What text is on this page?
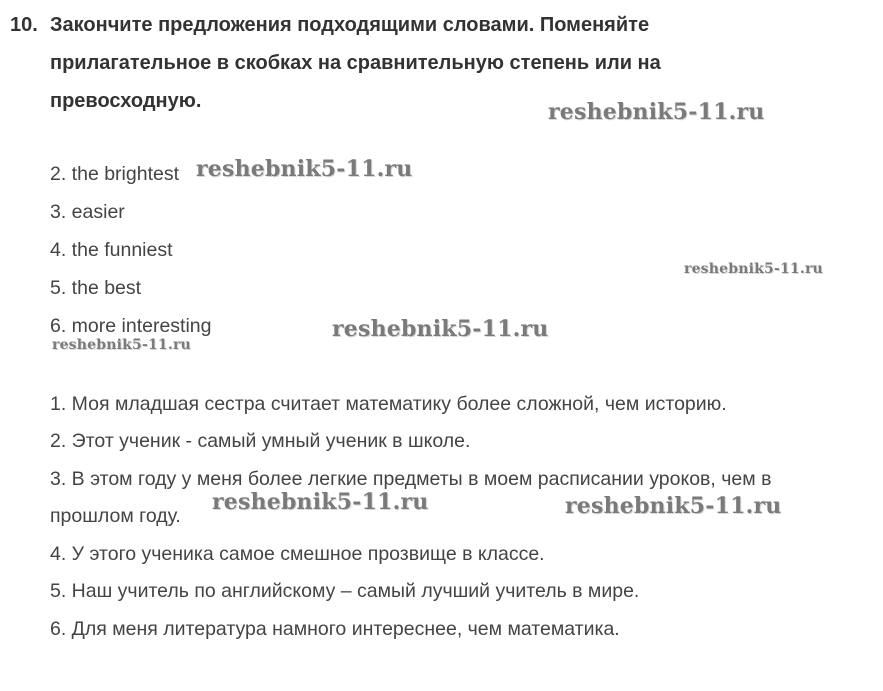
10. Закончите предложения подходящими словами. Поменяйте
прилагательное в скобках на сравнительную степень или на
превосходную.
2. the brightest
3. easier
4. the funniest
5. the best
6. more interesting
1. Моя младшая сестра считает математику более сложной, чем историю.
2. Этот ученик - самый умный ученик в школе.
3. В этом году у меня более легкие предметы в моем расписании уроков, чем в
прошлом году.
4. У этого ученика самое смешное прозвище в классе.
5. Наш учитель по английскому – самый лучший учитель в мире.
6. Для меня литература намного интереснее, чем математика.
reshebnik5-11.ru
reshebnik5-11.ru
reshebnik5-11.ru
reshebnik5-11.ru
reshebnik5-11.ru
reshebnik5-11.ru	reshebnik5-11.ru
